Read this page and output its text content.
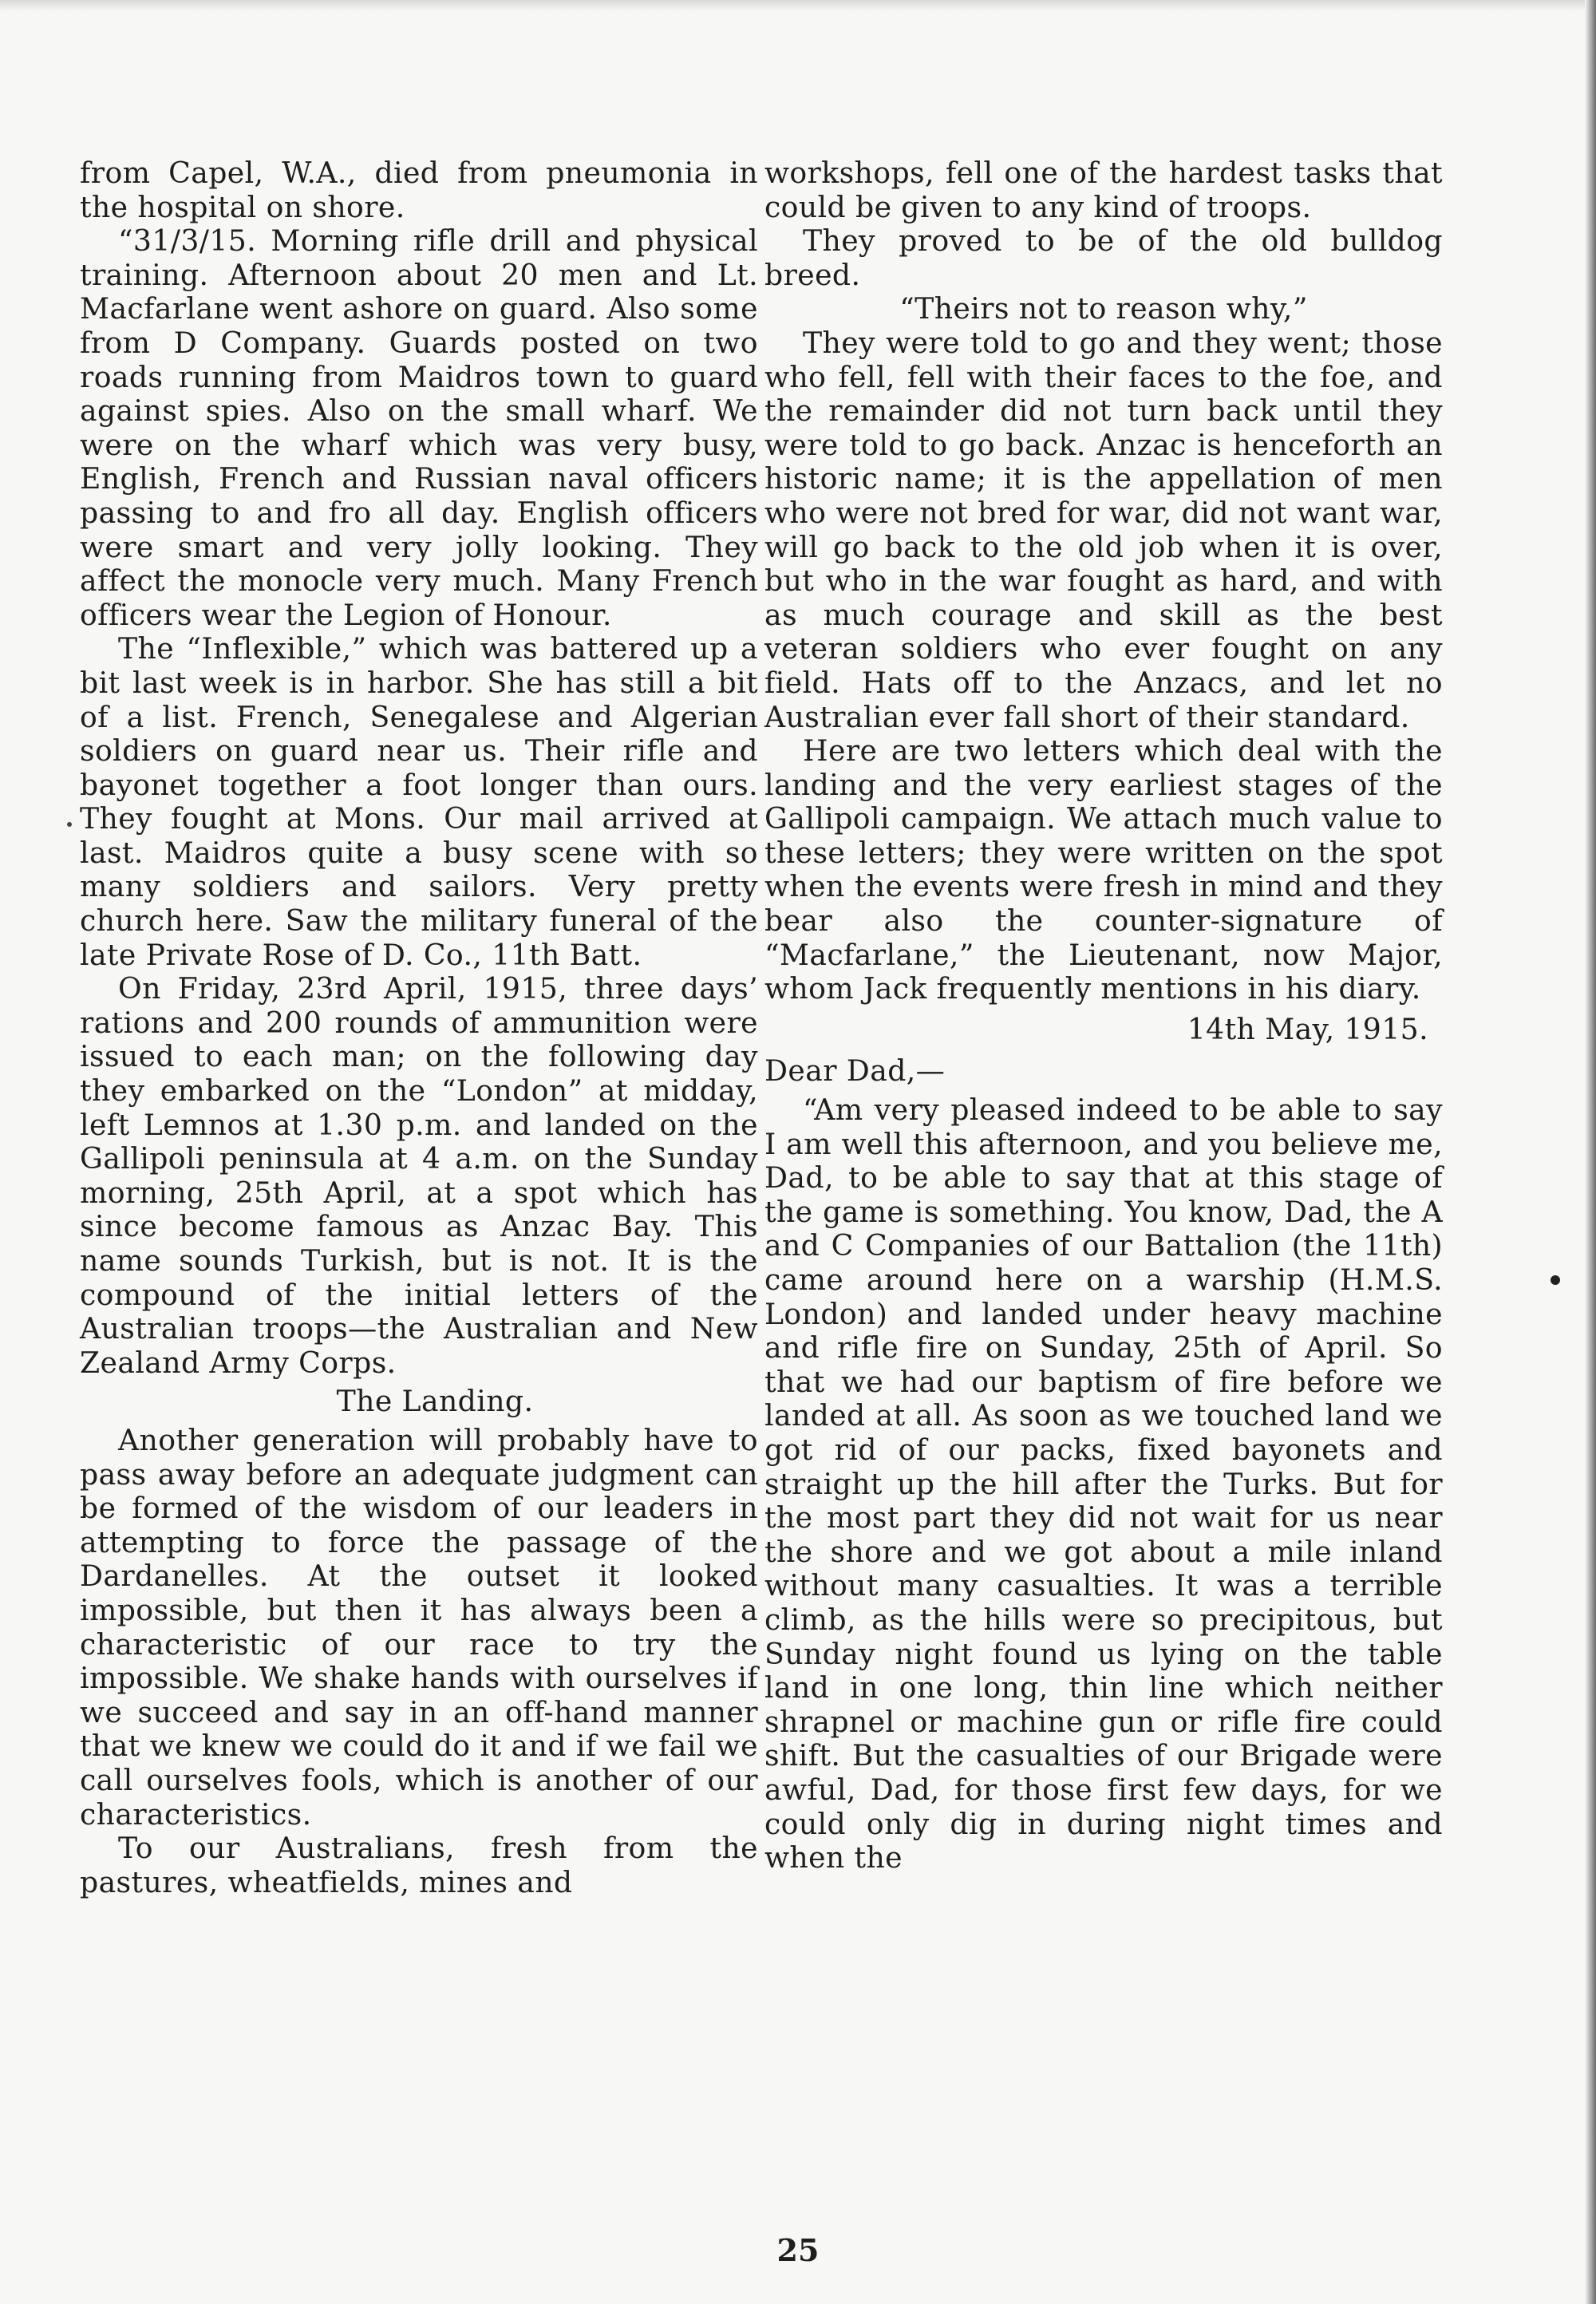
from Capel, W.A., died from pneumonia in the hospital on shore.

“31/3/15. Morning rifle drill and physical training. Afternoon about 20 men and Lt. Macfarlane went ashore on guard. Also some from D Company. Guards posted on two roads running from Maidros town to guard against spies. Also on the small wharf. We were on the wharf which was very busy, English, French and Russian naval officers passing to and fro all day. English officers were smart and very jolly looking. They affect the monocle very much. Many French officers wear the Legion of Honour.

The “Inflexible,” which was battered up a bit last week is in harbor. She has still a bit of a list. French, Senegalese and Algerian soldiers on guard near us. Their rifle and bayonet together a foot longer than ours. They fought at Mons. Our mail arrived at last. Maidros quite a busy scene with so many soldiers and sailors. Very pretty church here. Saw the military funeral of the late Private Rose of D. Co., 11th Batt.

On Friday, 23rd April, 1915, three days’ rations and 200 rounds of ammunition were issued to each man; on the following day they embarked on the “London” at midday, left Lemnos at 1.30 p.m. and landed on the Gallipoli peninsula at 4 a.m. on the Sunday morning, 25th April, at a spot which has since become famous as Anzac Bay. This name sounds Turkish, but is not. It is the compound of the initial letters of the Australian troops—the Australian and New Zealand Army Corps.

The Landing.

Another generation will probably have to pass away before an adequate judgment can be formed of the wisdom of our leaders in attempting to force the passage of the Dardanelles. At the outset it looked impossible, but then it has always been a characteristic of our race to try the impossible. We shake hands with ourselves if we succeed and say in an off-hand manner that we knew we could do it and if we fail we call ourselves fools, which is another of our characteristics.

To our Australians, fresh from the pastures, wheatfields, mines and

workshops, fell one of the hardest tasks that could be given to any kind of troops.

They proved to be of the old bulldog breed.

“Theirs not to reason why,”

They were told to go and they went; those who fell, fell with their faces to the foe, and the remainder did not turn back until they were told to go back. Anzac is henceforth an historic name; it is the appellation of men who were not bred for war, did not want war, will go back to the old job when it is over, but who in the war fought as hard, and with as much courage and skill as the best veteran soldiers who ever fought on any field. Hats off to the Anzacs, and let no Australian ever fall short of their standard.

Here are two letters which deal with the landing and the very earliest stages of the Gallipoli campaign. We attach much value to these letters; they were written on the spot when the events were fresh in mind and they bear also the counter-signature of “Macfarlane,” the Lieutenant, now Major, whom Jack frequently mentions in his diary.

14th May, 1915.

Dear Dad,—

“Am very pleased indeed to be able to say I am well this afternoon, and you believe me, Dad, to be able to say that at this stage of the game is something. You know, Dad, the A and C Companies of our Battalion (the 11th) came around here on a warship (H.M.S. London) and landed under heavy machine and rifle fire on Sunday, 25th of April. So that we had our baptism of fire before we landed at all. As soon as we touched land we got rid of our packs, fixed bayonets and straight up the hill after the Turks. But for the most part they did not wait for us near the shore and we got about a mile inland without many casualties. It was a terrible climb, as the hills were so precipitous, but Sunday night found us lying on the table land in one long, thin line which neither shrapnel or machine gun or rifle fire could shift. But the casualties of our Brigade were awful, Dad, for those first few days, for we could only dig in during night times and when the

25
